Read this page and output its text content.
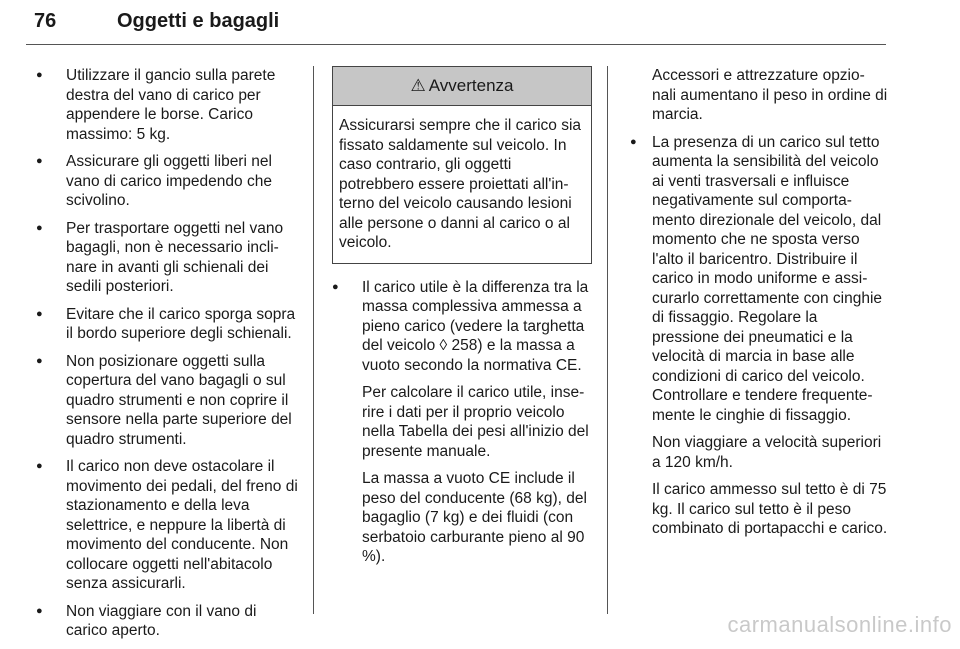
76	Oggetti e bagagli
● Utilizzare il gancio sulla parete destra del vano di carico per appendere le borse. Carico massimo: 5 kg.
● Assicurare gli oggetti liberi nel vano di carico impedendo che scivolino.
● Per trasportare oggetti nel vano bagagli, non è necessario incli-nare in avanti gli schienali dei sedili posteriori.
● Evitare che il carico sporga sopra il bordo superiore degli schienali.
● Non posizionare oggetti sulla copertura del vano bagagli o sul quadro strumenti e non coprire il sensore nella parte superiore del quadro strumenti.
● Il carico non deve ostacolare il movimento dei pedali, del freno di stazionamento e della leva selettrice, e neppure la libertà di movimento del conducente. Non collocare oggetti nell'abitacolo senza assicurarli.
● Non viaggiare con il vano di carico aperto.
⚠ Avvertenza
Assicurarsi sempre che il carico sia fissato saldamente sul veicolo. In caso contrario, gli oggetti potrebbero essere proiettati all'in-terno del veicolo causando lesioni alle persone o danni al carico o al veicolo.
● Il carico utile è la differenza tra la massa complessiva ammessa a pieno carico (vedere la targhetta del veicolo ◊ 258) e la massa a vuoto secondo la normativa CE.
Per calcolare il carico utile, inse-rire i dati per il proprio veicolo nella Tabella dei pesi all'inizio del presente manuale.
La massa a vuoto CE include il peso del conducente (68 kg), del bagaglio (7 kg) e dei fluidi (con serbatoio carburante pieno al 90 %).
Accessori e attrezzature opzio-nali aumentano il peso in ordine di marcia.
● La presenza di un carico sul tetto aumenta la sensibilità del veicolo ai venti trasversali e influisce negativamente sul comporta-mento direzionale del veicolo, dal momento che ne sposta verso l'alto il baricentro. Distribuire il carico in modo uniforme e assi-curarlo correttamente con cinghie di fissaggio. Regolare la pressione dei pneumatici e la velocità di marcia in base alle condizioni di carico del veicolo. Controllare e tendere frequente-mente le cinghie di fissaggio.
Non viaggiare a velocità superiori a 120 km/h.
Il carico ammesso sul tetto è di 75 kg. Il carico sul tetto è il peso combinato di portapacchi e carico.
carmanualsonline.info
